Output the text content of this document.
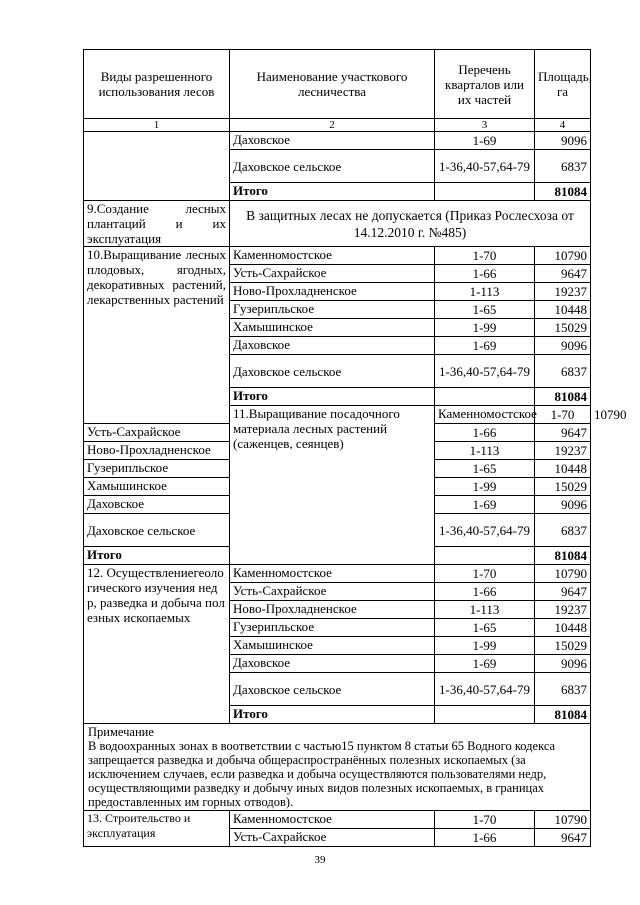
Виды разрешенного использования лесов	Наименование участкового лесничества	Перечень кварталов или их частей	Площадь, га	
1	2	3	4	
	Даховское	1-69	9096	
	Даховское сельское	1-36,40-57,64-79	6837	
	Итого		81084	
9.Создание лесных плантаций и их эксплуатация	В защитных лесах не допускается (Приказ Рослесхоза от 14.12.2010 г. №485)			
10.Выращивание лесных плодовых, ягодных, декоративных растений, лекарственных растений	Каменномостское	1-70	10790	
	Усть-Сахрайское	1-66	9647	
	Ново-Прохладненское	1-113	19237	
	Гузерипльское	1-65	10448	
	Хамышинское	1-99	15029	
	Даховское	1-69	9096	
	Даховское сельское	1-36,40-57,64-79	6837	
	Итого		81084	
	11.Выращивание посадочного материала лесных растений (саженцев, сеянцев)	Каменномостское	1-70	10790
Усть-Сахрайское		1-66	9647	
Ново-Прохладненское		1-113	19237	
Гузерипльское		1-65	10448	
Хамышинское		1-99	15029	
Даховское		1-69	9096	
Даховское сельское		1-36,40-57,64-79	6837	
Итого			81084	
12. Осуществлениегеологического изучения недр, разведка и добыча полезных ископаемых	Каменномостское	1-70	10790	
	Усть-Сахрайское	1-66	9647	
	Ново-Прохладненское	1-113	19237	
	Гузерипльское	1-65	10448	
	Хамышинское	1-99	15029	
	Даховское	1-69	9096	
	Даховское сельское	1-36,40-57,64-79	6837	
	Итого		81084	

Примечание
В водоохранных зонах в воответствии с частью15 пунктом 8 статьи 65 Водного кодекса запрещается разведка и добыча общераспространённых полезных ископаемых (за исключением случаев, если разведка и добыча осуществляются пользователями недр, осуществляющими разведку и добычу иных видов полезных ископаемых, в границах предоставленных им горных отводов).				

13. Строительство и эксплуатация	Каменномостское	1-70	10790	
	Усть-Сахрайское	1-66	9647	
39
